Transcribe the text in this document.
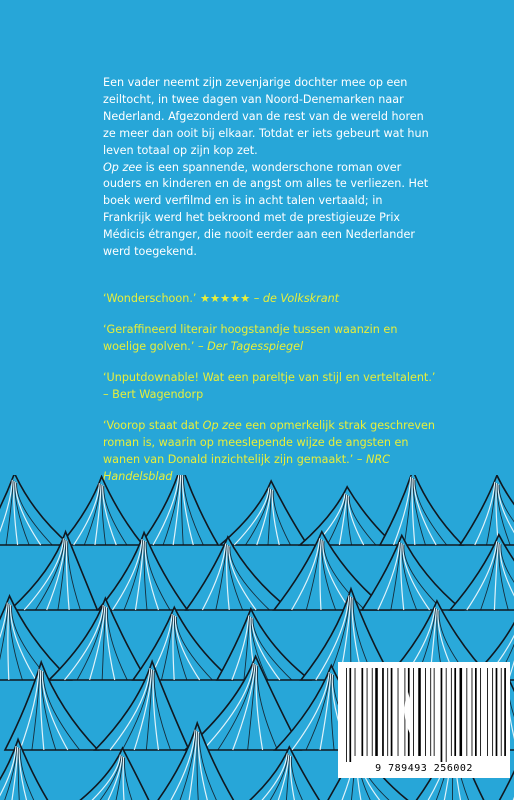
Een vader neemt zijn zevenjarige dochter mee op een zeiltocht, in twee dagen van Noord-Denemarken naar Nederland. Afgezonderd van de rest van de wereld horen ze meer dan ooit bij elkaar. Totdat er iets gebeurt wat hun leven totaal op zijn kop zet.

Op zee is een spannende, wonderschone roman over ouders en kinderen en de angst om alles te verliezen. Het boek werd verfilmd en is in acht talen vertaald; in Frankrijk werd het bekroond met de prestigieuze Prix Médicis étranger, die nooit eerder aan een Nederlander werd toegekend.

‘Wonderschoon.’ ★★★★★ – de Volkskrant

‘Geraffineerd literair hoogstandje tussen waanzin en woelige golven.’ – Der Tagesspiegel

‘Unputdownable! Wat een pareltje van stijl en verteltalent.’ – Bert Wagendorp

‘Voorop staat dat Op zee een opmerkelijk strak geschreven roman is, waarin op meeslepende wijze de angsten en wanen van Donald inzichtelijk zijn gemaakt.’ – NRC Handelsblad

9 789493 256002
